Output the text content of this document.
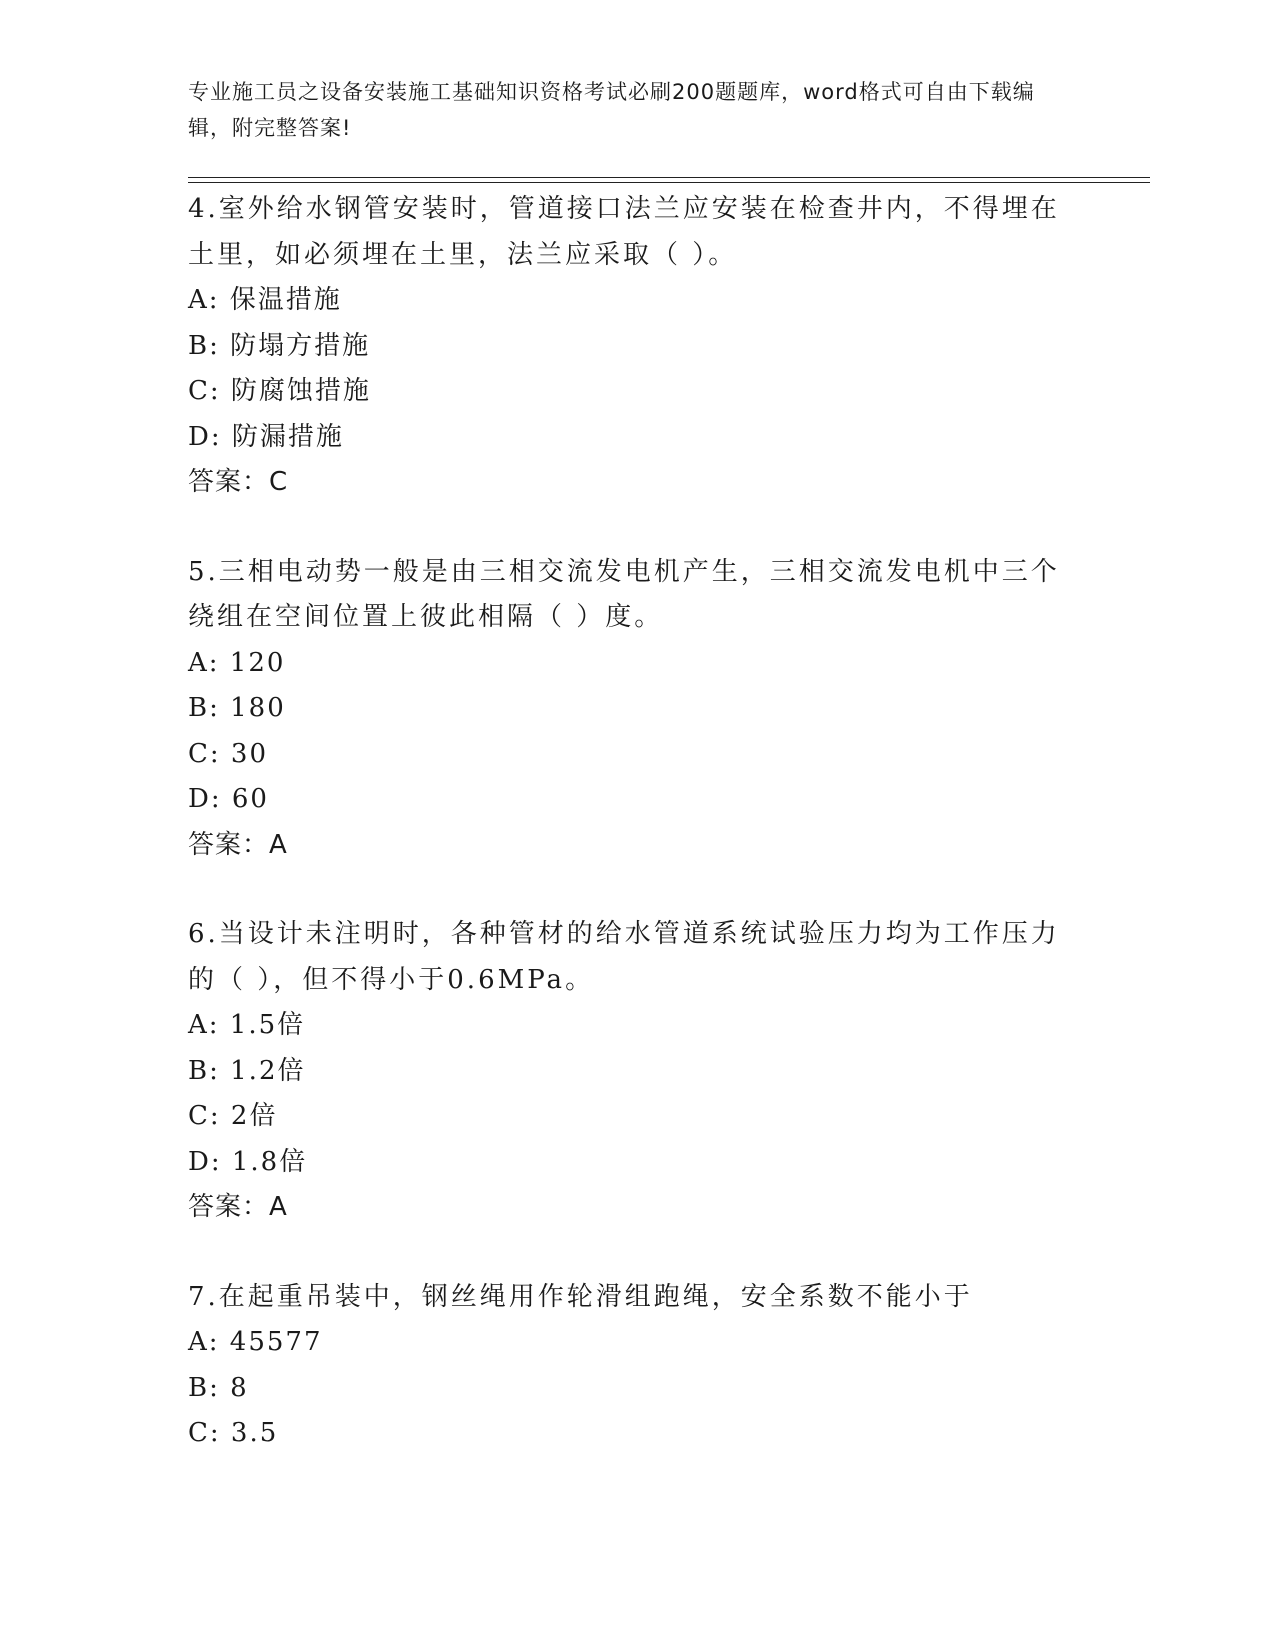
专业施工员之设备安装施工基础知识资格考试必刷200题题库，word格式可自由下载编辑，附完整答案!
4.室外给水钢管安装时，管道接口法兰应安装在检查井内，不得埋在土里，如必须埋在土里，法兰应采取（ ）。
A: 保温措施
B: 防塌方措施
C: 防腐蚀措施
D: 防漏措施
答案：C
5.三相电动势一般是由三相交流发电机产生，三相交流发电机中三个绕组在空间位置上彼此相隔（ ）度。
A: 120
B: 180
C: 30
D: 60
答案：A
6.当设计未注明时，各种管材的给水管道系统试验压力均为工作压力的（ ），但不得小于0.6MPa。
A: 1.5倍
B: 1.2倍
C: 2倍
D: 1.8倍
答案：A
7.在起重吊装中，钢丝绳用作轮滑组跑绳，安全系数不能小于
A: 45577
B: 8
C: 3.5
